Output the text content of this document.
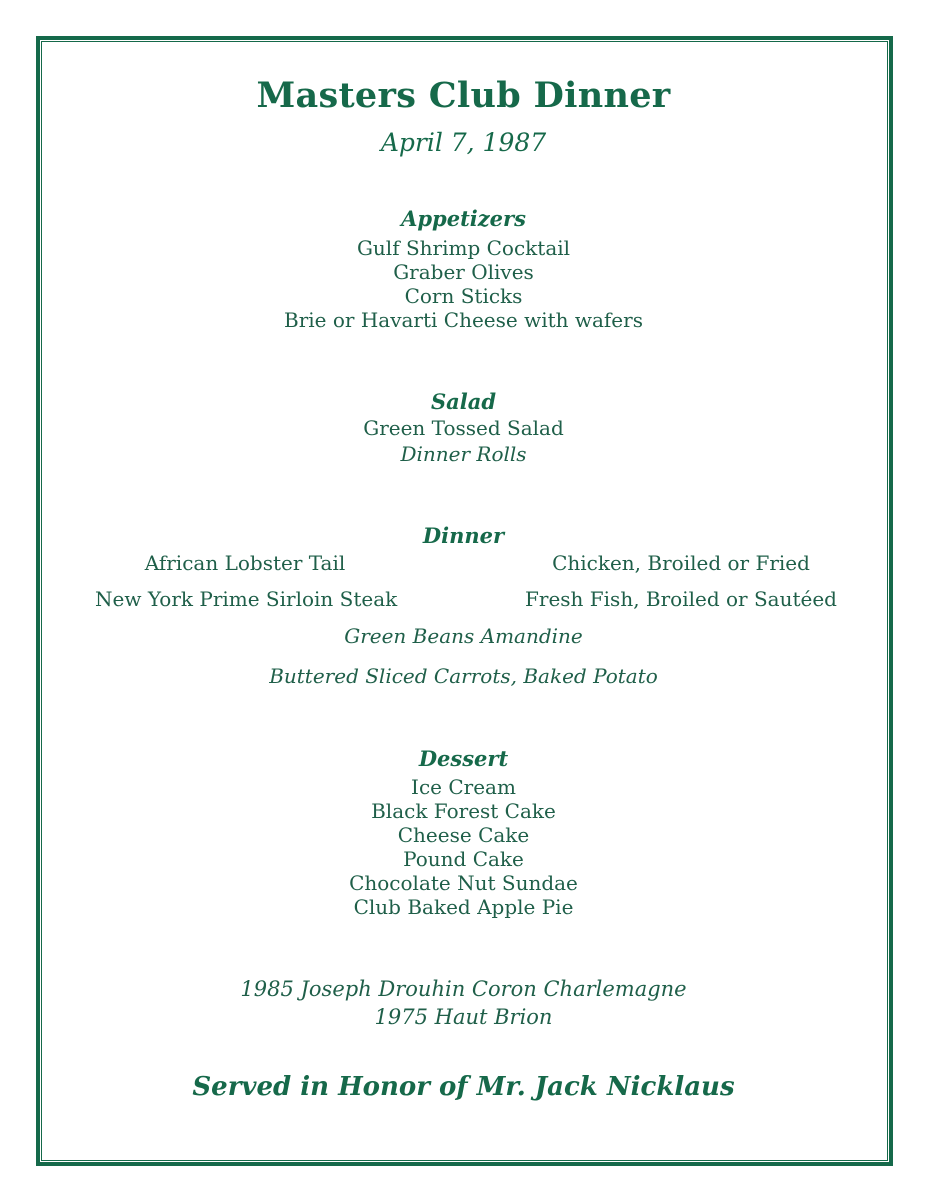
Masters Club Dinner
April 7, 1987
Appetizers
Gulf Shrimp Cocktail
Graber Olives
Corn Sticks
Brie or Havarti Cheese with wafers
Salad
Green Tossed Salad
Dinner Rolls
Dinner
African Lobster Tail	Chicken, Broiled or Fried
New York Prime Sirloin Steak	Fresh Fish, Broiled or Sautéed
Green Beans Amandine
Buttered Sliced Carrots, Baked Potato
Dessert
Ice Cream
Black Forest Cake
Cheese Cake
Pound Cake
Chocolate Nut Sundae
Club Baked Apple Pie
1985 Joseph Drouhin Coron Charlemagne
1975 Haut Brion
Served in Honor of Mr. Jack Nicklaus
